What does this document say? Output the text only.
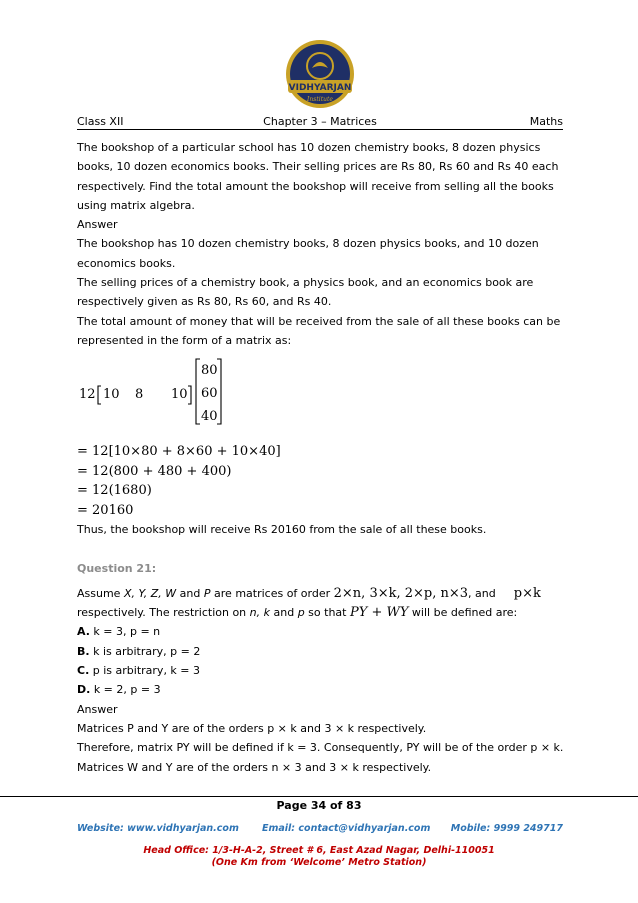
VIDHYARJAN
Institute
Class XII	Chapter 3 – Matrices	Maths
The bookshop of a particular school has 10 dozen chemistry books, 8 dozen physics
books, 10 dozen economics books. Their selling prices are Rs 80, Rs 60 and Rs 40 each
respectively. Find the total amount the bookshop will receive from selling all the books
using matrix algebra.
Answer
The bookshop has 10 dozen chemistry books, 8 dozen physics books, and 10 dozen
economics books.
The selling prices of a chemistry book, a physics book, and an economics book are
respectively given as Rs 80, Rs 60, and Rs 40.
The total amount of money that will be received from the sale of all these books can be
represented in the form of a matrix as:
12 10 8 10
80
60
40
= 12[10×80 + 8×60 + 10×40]
= 12(800 + 480 + 400)
= 12(1680)
= 20160
Thus, the bookshop will receive Rs 20160 from the sale of all these books.
Question 21:
Assume X, Y, Z, W and P are matrices of order 2×n, 3×k, 2×p, n×3, and p×k
respectively. The restriction on n, k and p so that PY + WY will be defined are:
A. k = 3, p = n
B. k is arbitrary, p = 2
C. p is arbitrary, k = 3
D. k = 2, p = 3
Answer
Matrices P and Y are of the orders p × k and 3 × k respectively.
Therefore, matrix PY will be defined if k = 3. Consequently, PY will be of the order p × k.
Matrices W and Y are of the orders n × 3 and 3 × k respectively.
Page 34 of 83
Website: www.vidhyarjan.com Email: contact@vidhyarjan.com Mobile: 9999 249717
Head Office: 1/3-H-A-2, Street # 6, East Azad Nagar, Delhi-110051
(One Km from ‘Welcome’ Metro Station)
